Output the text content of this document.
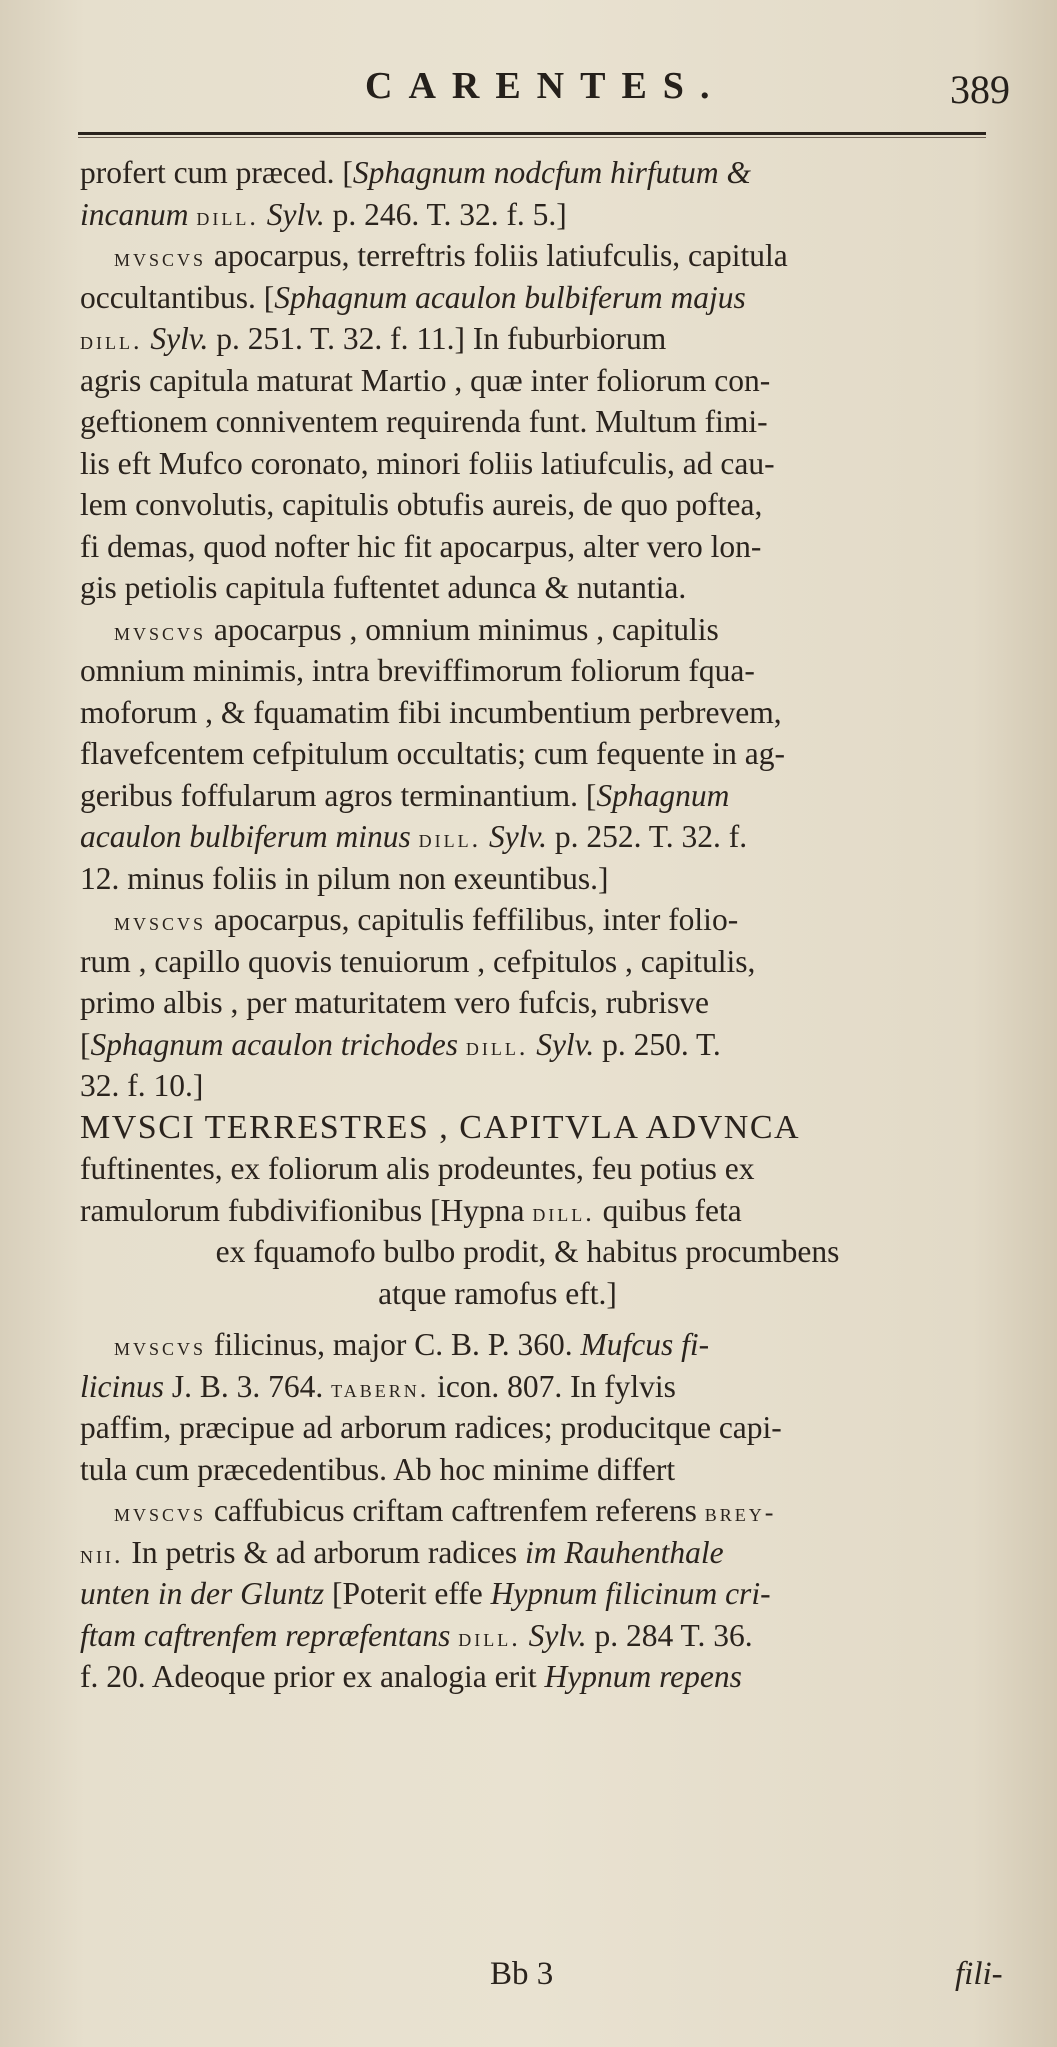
CARENTES.	389
profert cum præced. [Sphagnum nodcfum hirfutum &
incanum dill. Sylv. p. 246. T. 32. f. 5.]
mvscvs apocarpus, terreftris foliis latiufculis, capitula
occultantibus. [Sphagnum acaulon bulbiferum majus
dill. Sylv. p. 251. T. 32. f. 11.] In fuburbiorum
agris capitula maturat Martio , quæ inter foliorum con-
geftionem conniventem requirenda funt. Multum fimi-
lis eft Mufco coronato, minori foliis latiufculis, ad cau-
lem convolutis, capitulis obtufis aureis, de quo poftea,
fi demas, quod nofter hic fit apocarpus, alter vero lon-
gis petiolis capitula fuftentet adunca & nutantia.
mvscvs apocarpus , omnium minimus , capitulis
omnium minimis, intra breviffimorum foliorum fqua-
moforum , & fquamatim fibi incumbentium perbrevem,
flavefcentem cefpitulum occultatis; cum fequente in ag-
geribus foffularum agros terminantium. [Sphagnum
acaulon bulbiferum minus dill. Sylv. p. 252. T. 32. f.
12. minus foliis in pilum non exeuntibus.]
mvscvs apocarpus, capitulis feffilibus, inter folio-
rum , capillo quovis tenuiorum , cefpitulos , capitulis,
primo albis , per maturitatem vero fufcis, rubrisve
[Sphagnum acaulon trichodes dill. Sylv. p. 250. T.
32. f. 10.]
MVSCI TERRESTRES , CAPITVLA ADVNCA
fuftinentes, ex foliorum alis prodeuntes, feu potius ex
ramulorum fubdivifionibus [Hypna dill. quibus feta
ex fquamofo bulbo prodit, & habitus procumbens
atque ramofus eft.]
mvscvs filicinus, major C. B. P. 360. Mufcus fi-
licinus J. B. 3. 764. tabern. icon. 807. In fylvis
paffim, præcipue ad arborum radices; producitque capi-
tula cum præcedentibus. Ab hoc minime differt
mvscvs caffubicus criftam caftrenfem referens brey-
nii. In petris & ad arborum radices im Rauhenthale
unten in der Gluntz [Poterit effe Hypnum filicinum cri-
ftam caftrenfem repræfentans dill. Sylv. p. 284 T. 36.
f. 20. Adeoque prior ex analogia erit Hypnum repens
Bb 3	fili-
